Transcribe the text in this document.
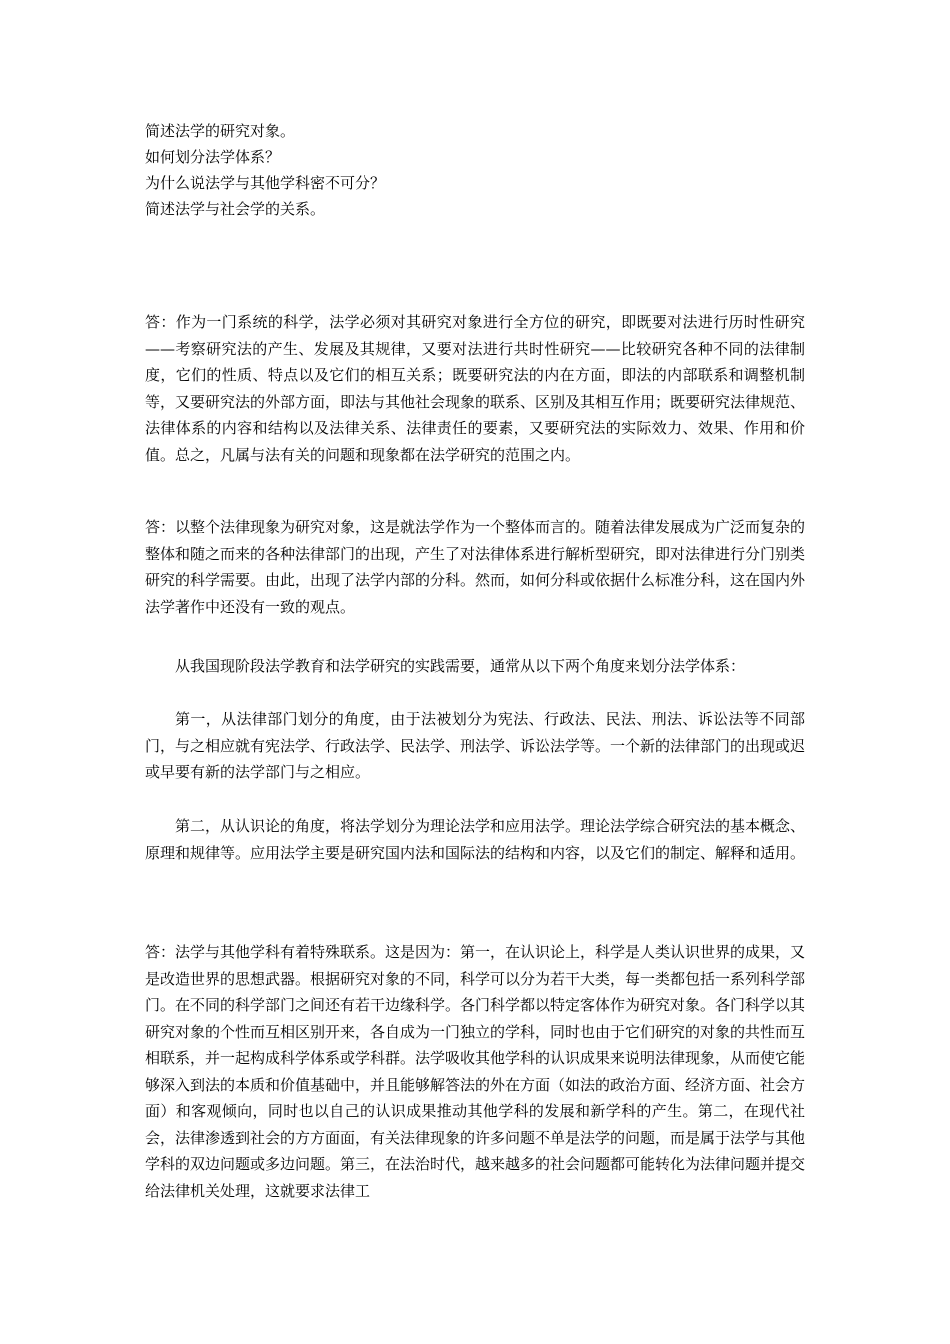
简述法学的研究对象。
如何划分法学体系？
为什么说法学与其他学科密不可分？
简述法学与社会学的关系。

答：作为一门系统的科学，法学必须对其研究对象进行全方位的研究，即既要对法进行历时性研究——考察研究法的产生、发展及其规律，又要对法进行共时性研究——比较研究各种不同的法律制度，它们的性质、特点以及它们的相互关系；既要研究法的内在方面，即法的内部联系和调整机制等，又要研究法的外部方面，即法与其他社会现象的联系、区别及其相互作用；既要研究法律规范、法律体系的内容和结构以及法律关系、法律责任的要素，又要研究法的实际效力、效果、作用和价值。总之，凡属与法有关的问题和现象都在法学研究的范围之内。

答：以整个法律现象为研究对象，这是就法学作为一个整体而言的。随着法律发展成为广泛而复杂的整体和随之而来的各种法律部门的出现，产生了对法律体系进行解析型研究，即对法律进行分门别类研究的科学需要。由此，出现了法学内部的分科。然而，如何分科或依据什么标准分科，这在国内外法学著作中还没有一致的观点。

从我国现阶段法学教育和法学研究的实践需要，通常从以下两个角度来划分法学体系：

第一，从法律部门划分的角度，由于法被划分为宪法、行政法、民法、刑法、诉讼法等不同部门，与之相应就有宪法学、行政法学、民法学、刑法学、诉讼法学等。一个新的法律部门的出现或迟或早要有新的法学部门与之相应。

第二，从认识论的角度，将法学划分为理论法学和应用法学。理论法学综合研究法的基本概念、原理和规律等。应用法学主要是研究国内法和国际法的结构和内容，以及它们的制定、解释和适用。

答：法学与其他学科有着特殊联系。这是因为：第一，在认识论上，科学是人类认识世界的成果，又是改造世界的思想武器。根据研究对象的不同，科学可以分为若干大类，每一类都包括一系列科学部门。在不同的科学部门之间还有若干边缘科学。各门科学都以特定客体作为研究对象。各门科学以其研究对象的个性而互相区别开来，各自成为一门独立的学科，同时也由于它们研究的对象的共性而互相联系，并一起构成科学体系或学科群。法学吸收其他学科的认识成果来说明法律现象，从而使它能够深入到法的本质和价值基础中，并且能够解答法的外在方面（如法的政治方面、经济方面、社会方面）和客观倾向，同时也以自己的认识成果推动其他学科的发展和新学科的产生。第二，在现代社会，法律渗透到社会的方方面面，有关法律现象的许多问题不单是法学的问题，而是属于法学与其他学科的双边问题或多边问题。第三，在法治时代，越来越多的社会问题都可能转化为法律问题并提交给法律机关处理，这就要求法律工
